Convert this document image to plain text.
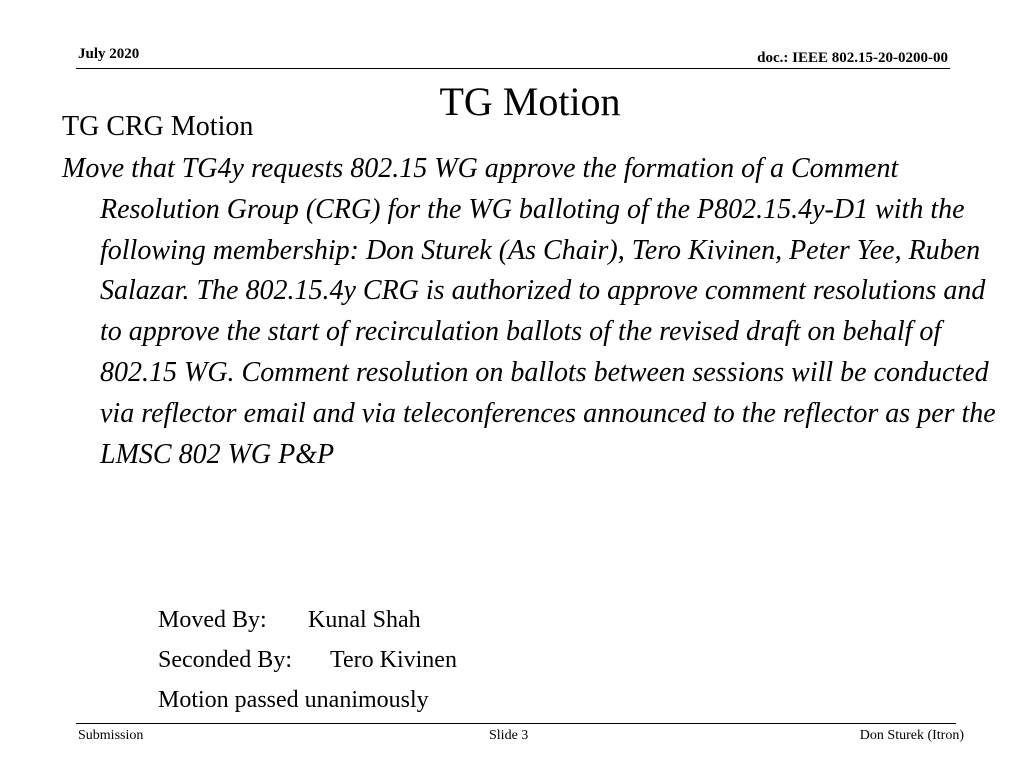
July 2020	doc.: IEEE 802.15-20-0200-00
TG Motion
TG CRG Motion

Move that TG4y requests 802.15 WG approve the formation of a Comment Resolution Group (CRG) for the WG balloting of the P802.15.4y-D1 with the following membership: Don Sturek (As Chair), Tero Kivinen, Peter Yee, Ruben Salazar. The 802.15.4y CRG is authorized to approve comment resolutions and to approve the start of recirculation ballots of the revised draft on behalf of 802.15 WG. Comment resolution on ballots between sessions will be conducted via reflector email and via teleconferences announced to the reflector as per the LMSC 802 WG P&P

Moved By: Kunal Shah
Seconded By: Tero Kivinen
Motion passed unanimously
Submission	Slide 3	Don Sturek (Itron)
